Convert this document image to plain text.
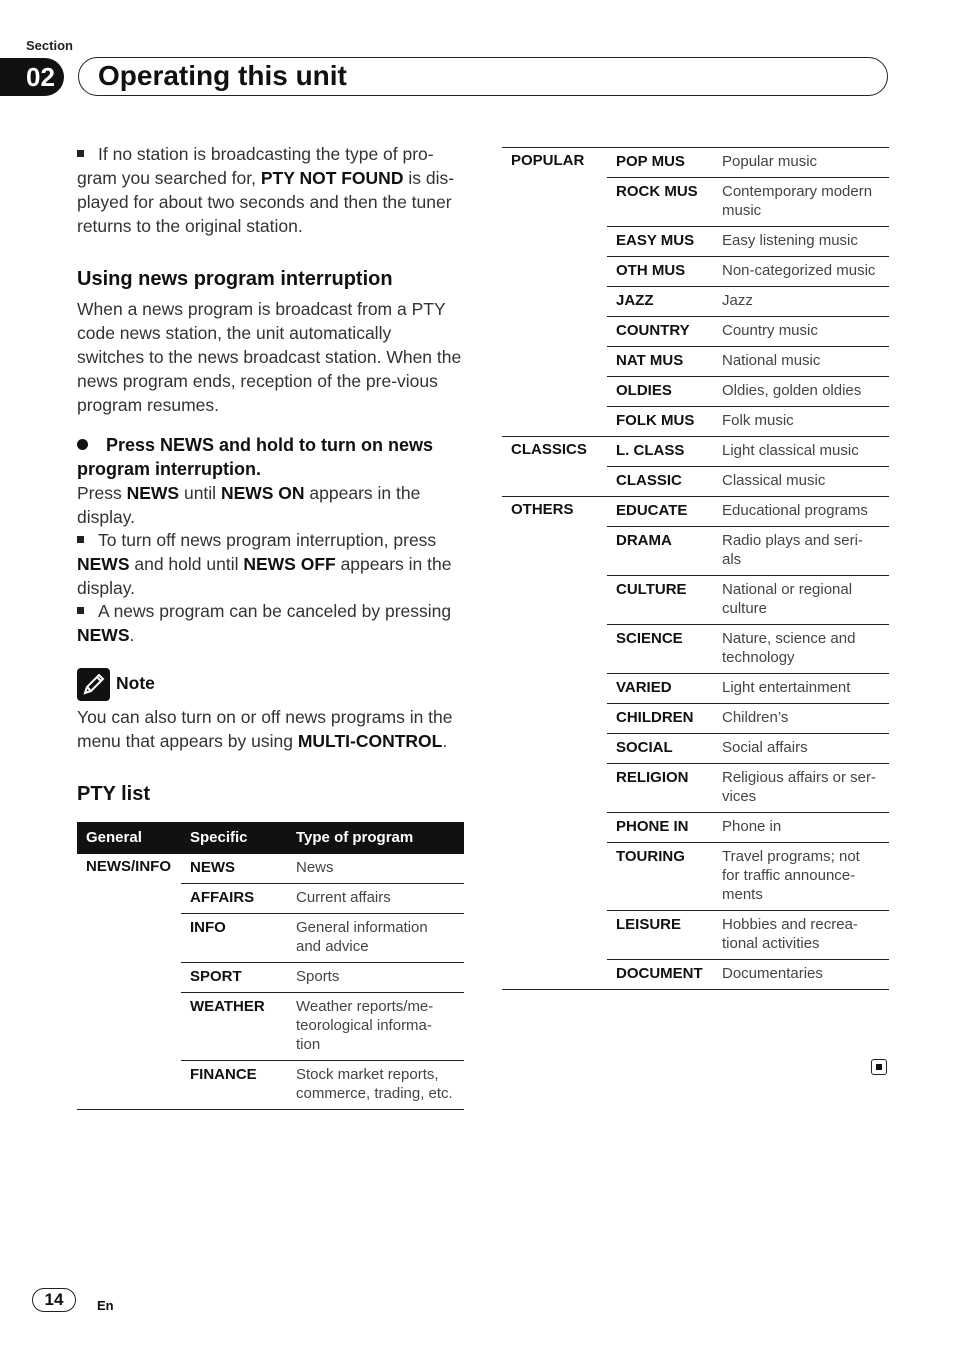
Section
02	Operating this unit
If no station is broadcasting the type of pro-gram you searched for, PTY NOT FOUND is dis-played for about two seconds and then the tuner returns to the original station.
Using news program interruption
When a news program is broadcast from a PTY code news station, the unit automatically switches to the news broadcast station. When the news program ends, reception of the pre-vious program resumes.
Press NEWS and hold to turn on news program interruption.
Press NEWS until NEWS ON appears in the display.
To turn off news program interruption, press NEWS and hold until NEWS OFF appears in the display.
A news program can be canceled by pressing NEWS.
Note
You can also turn on or off news programs in the menu that appears by using MULTI-CONTROL.
PTY list
General	Specific	Type of program
NEWS/INFO	NEWS	News
	AFFAIRS	Current affairs
	INFO	General information and advice
	SPORT	Sports
	WEATHER	Weather reports/me-teorological informa-tion
	FINANCE	Stock market reports, commerce, trading, etc.
POPULAR	POP MUS	Popular music
	ROCK MUS	Contemporary modern music
	EASY MUS	Easy listening music
	OTH MUS	Non-categorized music
	JAZZ	Jazz
	COUNTRY	Country music
	NAT MUS	National music
	OLDIES	Oldies, golden oldies
	FOLK MUS	Folk music
CLASSICS	L. CLASS	Light classical music
	CLASSIC	Classical music
OTHERS	EDUCATE	Educational programs
	DRAMA	Radio plays and seri-als
	CULTURE	National or regional culture
	SCIENCE	Nature, science and technology
	VARIED	Light entertainment
	CHILDREN	Children’s
	SOCIAL	Social affairs
	RELIGION	Religious affairs or ser-vices
	PHONE IN	Phone in
	TOURING	Travel programs; not for traffic announce-ments
	LEISURE	Hobbies and recrea-tional activities
	DOCUMENT	Documentaries
14	En
